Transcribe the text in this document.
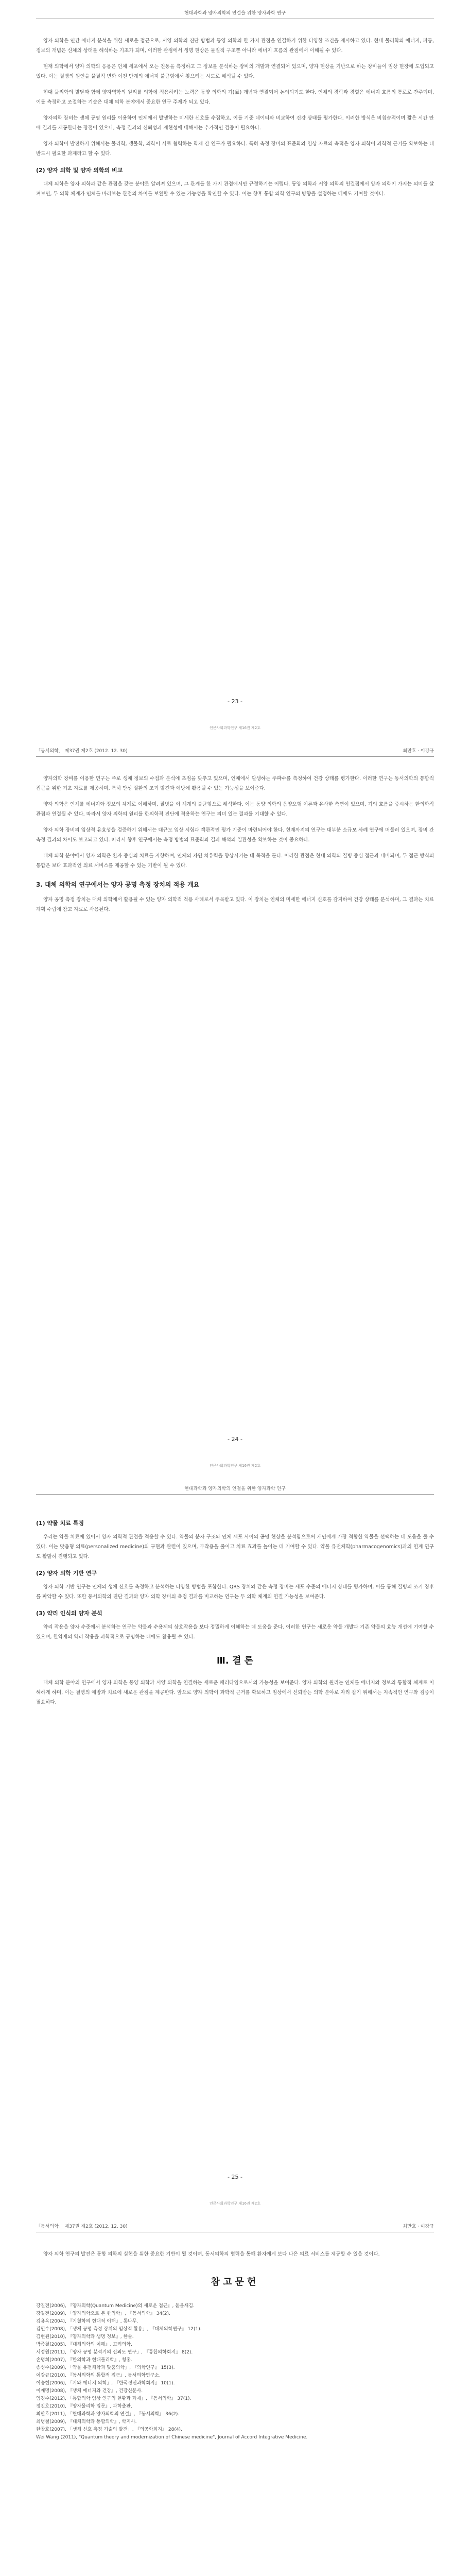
현대과학과 양자의학의 연결을 위한 양자과학 연구

양자 의학은 인간 에너지 분석을 위한 새로운 접근으로, 서양 의학의 진단 방법과 동양 의학의 한 가지 관점을 연결하기 위한 다양한 조건을 제시하고 있다. 현대 물리학의 에너지, 파동, 정보의 개념은 신체의 상태를 해석하는 기초가 되며, 이러한 관점에서 생명 현상은 물질적 구조뿐 아니라 에너지 흐름의 관점에서 이해될 수 있다.

현재 의학에서 양자 의학의 응용은 인체 세포에서 오는 진동을 측정하고 그 정보를 분석하는 장비의 개발과 연결되어 있으며, 양자 현상을 기반으로 하는 장비들이 임상 현장에 도입되고 있다. 이는 질병의 원인을 물질적 변화 이전 단계의 에너지 불균형에서 찾으려는 시도로 해석될 수 있다.

현대 물리학의 발달과 함께 양자역학의 원리를 의학에 적용하려는 노력은 동양 의학의 기(氣) 개념과 연결되어 논의되기도 한다. 인체의 경락과 경혈은 에너지 흐름의 통로로 간주되며, 이를 측정하고 조절하는 기술은 대체 의학 분야에서 중요한 연구 주제가 되고 있다.

양자의학 장비는 생체 공명 원리를 이용하여 인체에서 발생하는 미세한 신호를 수집하고, 이를 기준 데이터와 비교하여 건강 상태를 평가한다. 이러한 방식은 비침습적이며 짧은 시간 안에 결과를 제공한다는 장점이 있으나, 측정 결과의 신뢰성과 재현성에 대해서는 추가적인 검증이 필요하다.

양자 의학이 발전하기 위해서는 물리학, 생물학, 의학이 서로 협력하는 학제 간 연구가 필요하다. 특히 측정 장비의 표준화와 임상 자료의 축적은 양자 의학이 과학적 근거를 확보하는 데 반드시 필요한 과제라고 할 수 있다.

(2) 양자 의학 및 양자 의학의 비교

대체 의학은 양자 의학과 같은 관점을 갖는 분야로 알려져 있으며, 그 관계를 한 가지 관점에서만 규정하기는 어렵다. 동양 의학과 서양 의학의 연결점에서 양자 의학이 가지는 의미를 살펴보면, 두 의학 체계가 인체를 바라보는 관점의 차이를 보완할 수 있는 가능성을 확인할 수 있다. 이는 향후 통합 의학 연구의 방향을 설정하는 데에도 기여할 것이다.

- 23 -
인문사회과학연구 제16권 제2호
「동서의학」 제37권 제2호 (2012. 12. 30)	최만호 · 이강규

양자의학 장비를 이용한 연구는 주로 생체 정보의 수집과 분석에 초점을 맞추고 있으며, 인체에서 발생하는 주파수를 측정하여 건강 상태를 평가한다. 이러한 연구는 동서의학의 통합적 접근을 위한 기초 자료를 제공하며, 특히 만성 질환의 조기 발견과 예방에 활용될 수 있는 가능성을 보여준다.

양자 의학은 인체를 에너지와 정보의 체계로 이해하며, 질병을 이 체계의 불균형으로 해석한다. 이는 동양 의학의 음양오행 이론과 유사한 측면이 있으며, 기의 흐름을 중시하는 한의학적 관점과 연결될 수 있다. 따라서 양자 의학의 원리를 한의학적 진단에 적용하는 연구는 의미 있는 결과를 기대할 수 있다.

양자 의학 장비의 임상적 유효성을 검증하기 위해서는 대규모 임상 시험과 객관적인 평가 기준이 마련되어야 한다. 현재까지의 연구는 대부분 소규모 사례 연구에 머물러 있으며, 장비 간 측정 결과의 차이도 보고되고 있다. 따라서 향후 연구에서는 측정 방법의 표준화와 결과 해석의 일관성을 확보하는 것이 중요하다.

대체 의학 분야에서 양자 의학은 환자 중심의 치료를 지향하며, 인체의 자연 치유력을 향상시키는 데 목적을 둔다. 이러한 관점은 현대 의학의 질병 중심 접근과 대비되며, 두 접근 방식의 통합은 보다 효과적인 의료 서비스를 제공할 수 있는 기반이 될 수 있다.

3. 대체 의학의 연구에서는 양자 공명 측정 장치의 적용 개요

양자 공명 측정 장치는 대체 의학에서 활용될 수 있는 양자 의학적 적용 사례로서 주목받고 있다. 이 장치는 인체의 미세한 에너지 신호를 감지하여 건강 상태를 분석하며, 그 결과는 치료 계획 수립에 참고 자료로 사용된다.

- 24 -
인문사회과학연구 제16권 제2호
현대과학과 양자의학의 연결을 위한 양자과학 연구
(1) 약물 치료 특징

우리는 약물 치료에 있어서 양자 의학적 관점을 적용할 수 있다. 약물의 분자 구조와 인체 세포 사이의 공명 현상을 분석함으로써 개인에게 가장 적합한 약물을 선택하는 데 도움을 줄 수 있다. 이는 맞춤형 의료(personalized medicine)의 구현과 관련이 있으며, 부작용을 줄이고 치료 효과를 높이는 데 기여할 수 있다. 약물 유전체학(pharmacogenomics)과의 연계 연구도 활발히 진행되고 있다.

(2) 양자 의학 기반 연구

양자 의학 기반 연구는 인체의 생체 신호를 측정하고 분석하는 다양한 방법을 포함한다. QRS 장치와 같은 측정 장비는 세포 수준의 에너지 상태를 평가하며, 이를 통해 질병의 조기 징후를 파악할 수 있다. 또한 동서의학의 진단 결과와 양자 의학 장비의 측정 결과를 비교하는 연구는 두 의학 체계의 연결 가능성을 보여준다.

(3) 약리 인식의 양자 분석

약리 작용을 양자 수준에서 분석하는 연구는 약물과 수용체의 상호작용을 보다 정밀하게 이해하는 데 도움을 준다. 이러한 연구는 새로운 약물 개발과 기존 약물의 효능 개선에 기여할 수 있으며, 한약재의 약리 작용을 과학적으로 규명하는 데에도 활용될 수 있다.

Ⅲ. 결 론

대체 의학 분야의 연구에서 양자 의학은 동양 의학과 서양 의학을 연결하는 새로운 패러다임으로서의 가능성을 보여준다. 양자 의학의 원리는 인체를 에너지와 정보의 통합적 체계로 이해하게 하며, 이는 질병의 예방과 치료에 새로운 관점을 제공한다. 앞으로 양자 의학이 과학적 근거를 확보하고 임상에서 신뢰받는 의학 분야로 자리 잡기 위해서는 지속적인 연구와 검증이 필요하다.

- 25 -
인문사회과학연구 제16권 제2호
「동서의학」 제37권 제2호 (2012. 12. 30)	최만호 · 이강규

양자 의학 연구의 발전은 통합 의학의 실현을 위한 중요한 기반이 될 것이며, 동서의학의 협력을 통해 환자에게 보다 나은 의료 서비스를 제공할 수 있을 것이다.

참고문헌

강길전(2006), 『양자의학(Quantum Medicine)의 새로운 접근』, 돋을새김.

강길전(2009), 「양자의학으로 본 한의학」, 『동서의학』 34(2).

김용옥(2004), 『기철학의 현대적 이해』, 통나무.

김인수(2008), 「생체 공명 측정 장치의 임상적 활용」, 『대체의학연구』 12(1).

김현원(2010), 『양자의학과 생명 정보』, 한솔.

박종철(2005), 『대체의학의 이해』, 고려의학.

서정원(2011), 「양자 공명 분석기의 신뢰도 연구」, 『통합의학회지』 8(2).

손명희(2007), 『한의학과 현대물리학』, 청홍.

송성수(2009), 「약물 유전체학과 맞춤의학」, 『의학연구』 15(3).

이강규(2010), 『동서의학의 통합적 접근』, 동서의학연구소.

이승헌(2006), 「기와 에너지 의학」, 『한국정신과학회지』 10(1).

이재명(2008), 『생체 에너지와 건강』, 건강신문사.

임경수(2012), 「통합의학 임상 연구의 현황과 과제」, 『동서의학』 37(1).

정진호(2010), 『양자물리학 입문』, 과학출판.

최만호(2011), 「현대과학과 양자의학의 연결」, 『동서의학』 36(2).

최병철(2009), 『대체의학과 통합의학』, 학지사.

한창호(2007), 「생체 신호 측정 기술의 발전」, 『의공학회지』 28(4).

Wei Wang (2011), "Quantum theory and modernization of Chinese medicine", Journal of Accord Integrative Medicine.
